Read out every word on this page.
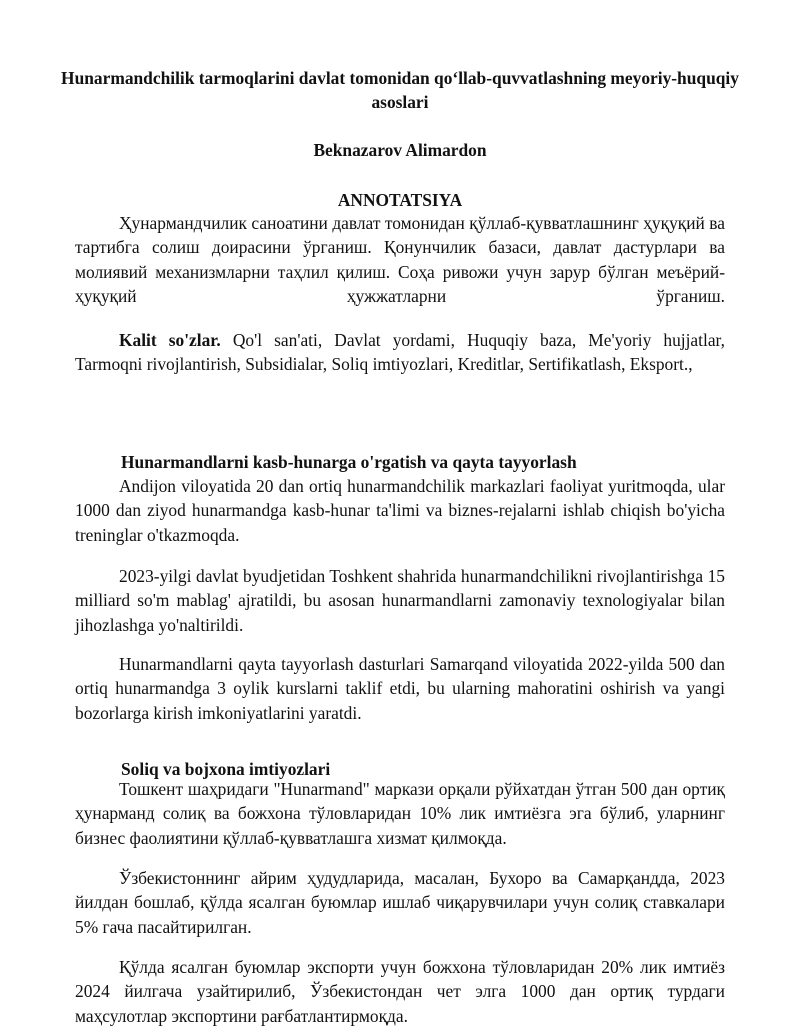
Hunarmandchilik tarmoqlarini davlat tomonidan qoʻllab-quvvatlashning meyoriy-huquqiy asoslari
Beknazarov Alimardon
ANNOTATSIYA

Ҳунармандчилик саноатини давлат томонидан қўллаб-қувватлашнинг ҳуқуқий ва тартибга солиш доирасини ўрганиш. Қонунчилик базаси, давлат дастурлари ва молиявий механизмларни таҳлил қилиш. Соҳа ривожи учун зарур бўлган меъёрий-ҳуқуқий ҳужжатларни ўрганиш.

Kalit so'zlar. Qo'l san'ati, Davlat yordami, Huquqiy baza, Me'yoriy hujjatlar, Tarmoqni rivojlantirish, Subsidialar, Soliq imtiyozlari, Kreditlar, Sertifikatlash, Eksport.,

Hunarmandlarni kasb-hunarga o'rgatish va qayta tayyorlash

Andijon viloyatida 20 dan ortiq hunarmandchilik markazlari faoliyat yuritmoqda, ular 1000 dan ziyod hunarmandga kasb-hunar ta'limi va biznes-rejalarni ishlab chiqish bo'yicha treninglar o'tkazmoqda.

2023-yilgi davlat byudjetidan Toshkent shahrida hunarmandchilikni rivojlantirishga 15 milliard so'm mablag' ajratildi, bu asosan hunarmandlarni zamonaviy texnologiyalar bilan jihozlashga yo'naltirildi.

Hunarmandlarni qayta tayyorlash dasturlari Samarqand viloyatida 2022-yilda 500 dan ortiq hunarmandga 3 oylik kurslarni taklif etdi, bu ularning mahoratini oshirish va yangi bozorlarga kirish imkoniyatlarini yaratdi.

Soliq va bojxona imtiyozlari

Тошкент шаҳридаги "Hunarmand" маркази орқали рўйхатдан ўтган 500 дан ортиқ ҳунарманд солиқ ва божхона тўловларидан 10% лик имтиёзга эга бўлиб, уларнинг бизнес фаолиятини қўллаб-қувватлашга хизмат қилмоқда.

Ўзбекистоннинг айрим ҳудудларида, масалан, Бухоро ва Самарқандда, 2023 йилдан бошлаб, қўлда ясалган буюмлар ишлаб чиқарувчилари учун солиқ ставкалари 5% гача пасайтирилган.

Қўлда ясалган буюмлар экспорти учун божхона тўловларидан 20% лик имтиёз 2024 йилгача узайтирилиб, Ўзбекистондан чет элга 1000 дан ортиқ турдаги маҳсулотлар экспортини рағбатлантирмоқда.
